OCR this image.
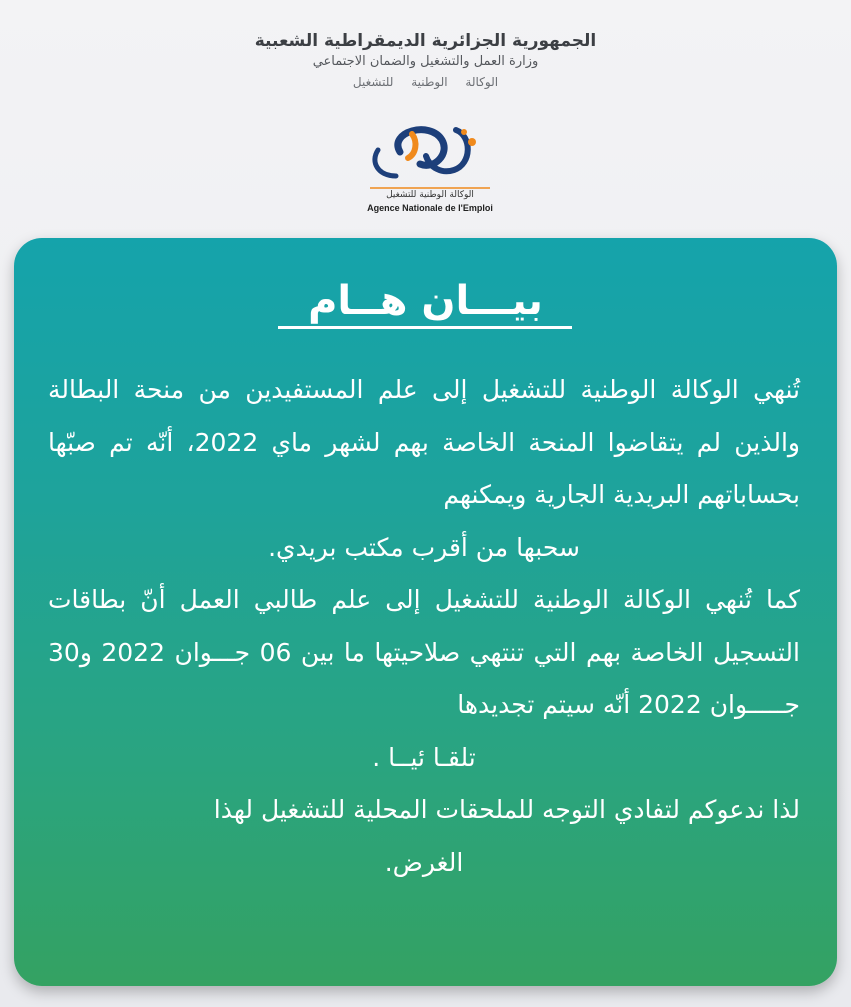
الجمهورية الجزائرية الديمقراطية الشعبية
وزارة العمل والتشغيل والضمان الاجتماعي
الوكالة الوطنية للتشغيل
الوكالة الوطنية للتشغيل
Agence Nationale de l'Emploi
بيـــان هــام

تُنهي الوكالة الوطنية للتشغيل إلى علم المستفيدين من منحة البطالة والذين لم يتقاضوا المنحة الخاصة بهم لشهر ماي 2022، أنّه تم صبّها بحساباتهم البريدية الجارية ويمكنهم

سحبها من أقرب مكتب بريدي.

كما تُنهي الوكالة الوطنية للتشغيل إلى علم طالبي العمل أنّ بطاقات التسجيل الخاصة بهم التي تنتهي صلاحيتها ما بين 06 جـــوان 2022 و30 جـــــوان 2022 أنّه سيتم تجديدها

تلقـا ئيــا .

لذا ندعوكم لتفادي التوجه للملحقات المحلية للتشغيل لهذا

الغرض.
